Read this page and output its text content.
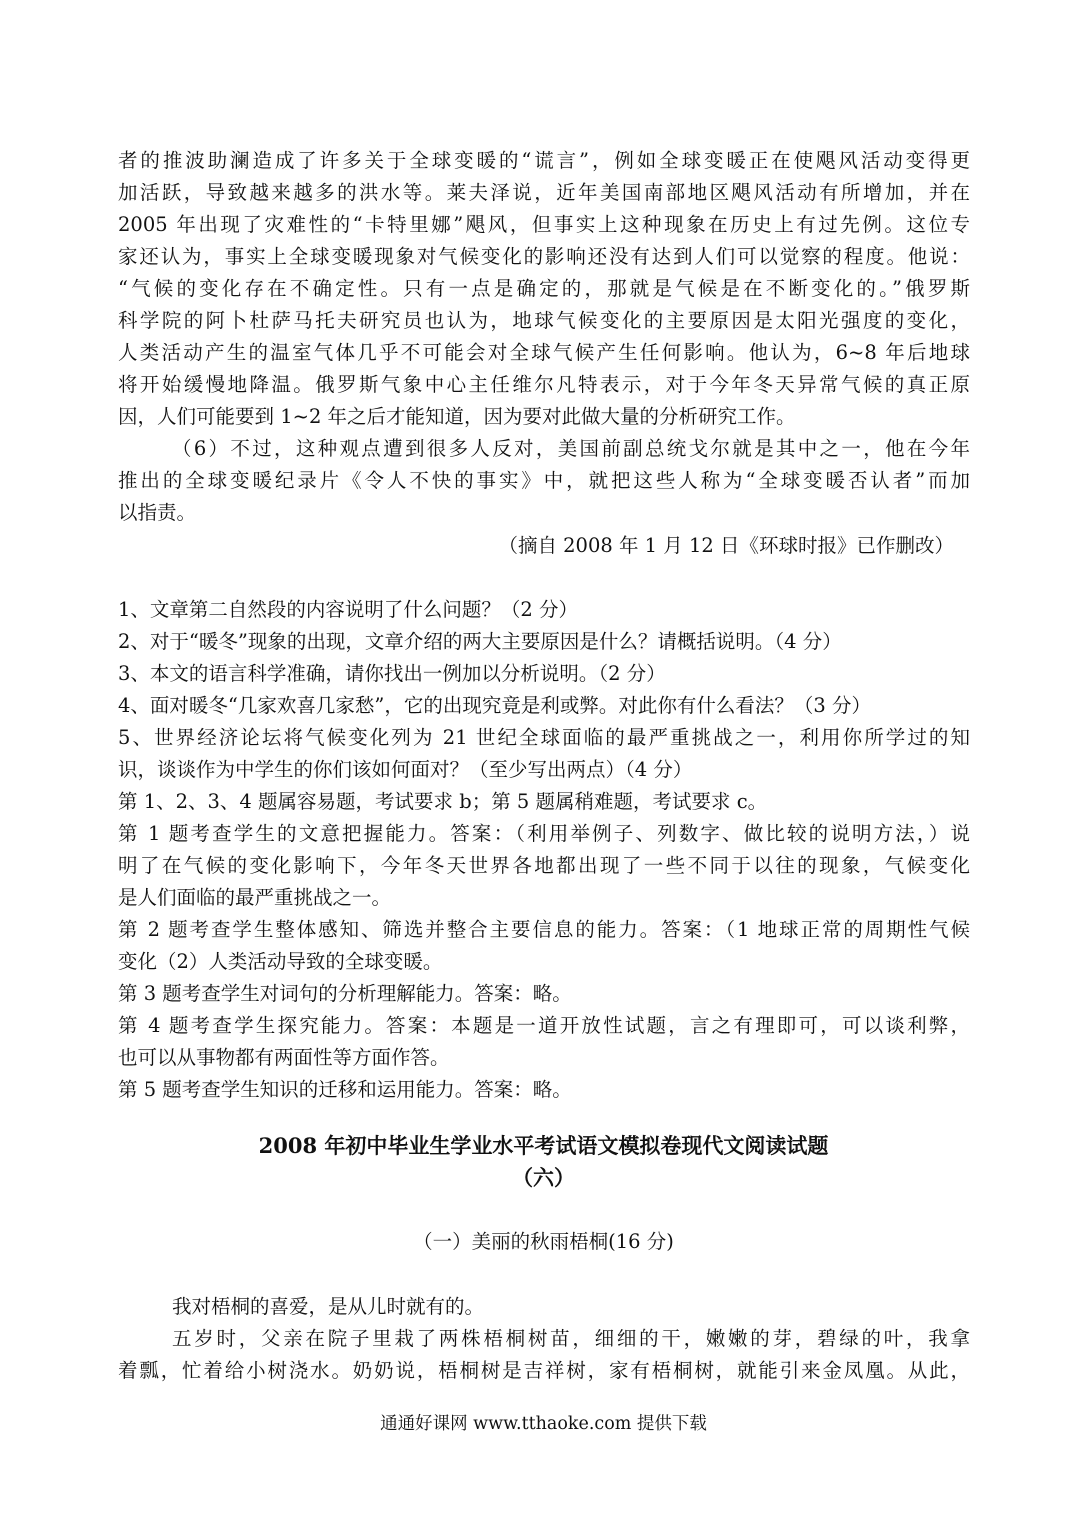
者的推波助澜造成了许多关于全球变暖的“谎言”，例如全球变暖正在使飓风活动变得更
加活跃，导致越来越多的洪水等。莱夫泽说，近年美国南部地区飓风活动有所增加，并在
2005 年出现了灾难性的“卡特里娜”飓风，但事实上这种现象在历史上有过先例。这位专
家还认为，事实上全球变暖现象对气候变化的影响还没有达到人们可以觉察的程度。他说：
“气候的变化存在不确定性。只有一点是确定的，那就是气候是在不断变化的。”俄罗斯
科学院的阿卜杜萨马托夫研究员也认为，地球气候变化的主要原因是太阳光强度的变化，
人类活动产生的温室气体几乎不可能会对全球气候产生任何影响。他认为，6~8 年后地球
将开始缓慢地降温。俄罗斯气象中心主任维尔凡特表示，对于今年冬天异常气候的真正原
因，人们可能要到 1~2 年之后才能知道，因为要对此做大量的分析研究工作。
（6）不过，这种观点遭到很多人反对，美国前副总统戈尔就是其中之一，他在今年
推出的全球变暖纪录片《令人不快的事实》中，就把这些人称为“全球变暖否认者”而加
以指责。
（摘自 2008 年 1 月 12 日《环球时报》已作删改）
1、文章第二自然段的内容说明了什么问题？（2 分）
2、对于“暖冬”现象的出现，文章介绍的两大主要原因是什么？请概括说明。（4 分）
3、本文的语言科学准确，请你找出一例加以分析说明。（2 分）
4、面对暖冬“几家欢喜几家愁”，它的出现究竟是利或弊。对此你有什么看法？（3 分）
5、世界经济论坛将气候变化列为 21 世纪全球面临的最严重挑战之一，利用你所学过的知
识，谈谈作为中学生的你们该如何面对？（至少写出两点）（4 分）
第 1、2、3、4 题属容易题，考试要求 b；第 5 题属稍难题，考试要求 c。
第 1 题考查学生的文意把握能力。答案：（利用举例子、列数字、做比较的说明方法，）说
明了在气候的变化影响下，今年冬天世界各地都出现了一些不同于以往的现象，气候变化
是人们面临的最严重挑战之一。
第 2 题考查学生整体感知、筛选并整合主要信息的能力。答案：（1 地球正常的周期性气候
变化（2）人类活动导致的全球变暖。
第 3 题考查学生对词句的分析理解能力。答案：略。
第 4 题考查学生探究能力。答案：本题是一道开放性试题，言之有理即可，可以谈利弊，
也可以从事物都有两面性等方面作答。
第 5 题考查学生知识的迁移和运用能力。答案：略。
2008 年初中毕业生学业水平考试语文模拟卷现代文阅读试题
（六）
（一）美丽的秋雨梧桐(16 分)
我对梧桐的喜爱，是从儿时就有的。
五岁时，父亲在院子里栽了两株梧桐树苗，细细的干，嫩嫩的芽，碧绿的叶，我拿
着瓢，忙着给小树浇水。奶奶说，梧桐树是吉祥树，家有梧桐树，就能引来金凤凰。从此，
通通好课网 www.tthaoke.com 提供下载
